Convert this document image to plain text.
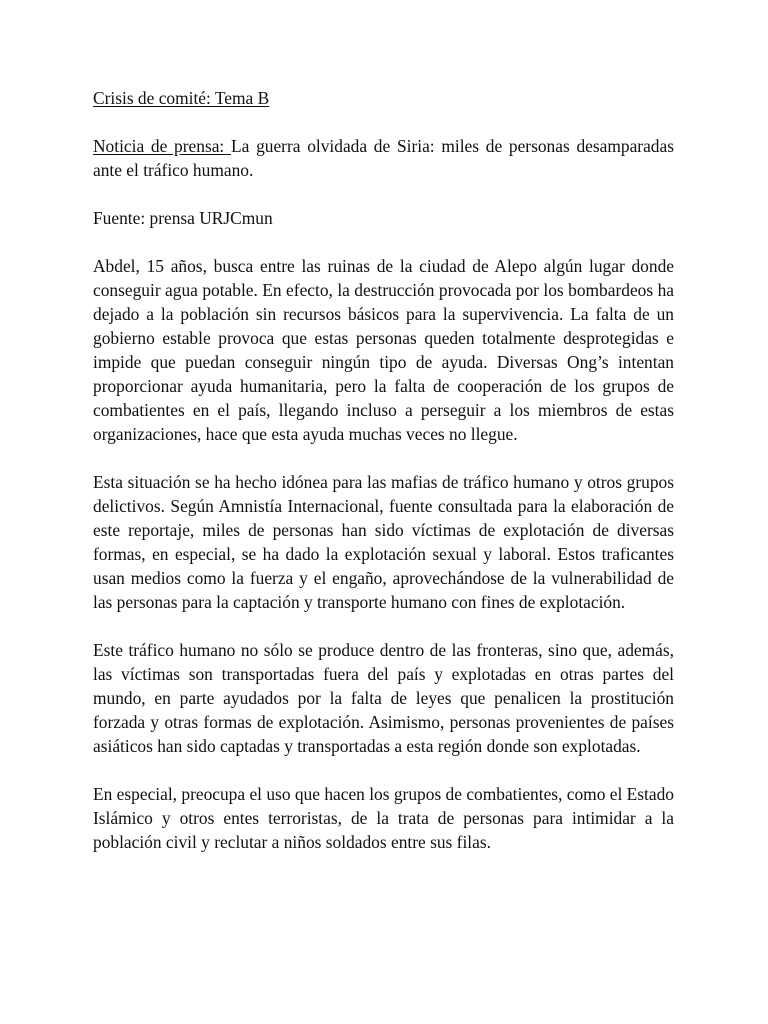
Crisis de comité: Tema B

Noticia de prensa: La guerra olvidada de Siria: miles de personas desamparadas ante el tráfico humano.

Fuente: prensa URJCmun

Abdel, 15 años, busca entre las ruinas de la ciudad de Alepo algún lugar donde conseguir agua potable. En efecto, la destrucción provocada por los bombardeos ha dejado a la población sin recursos básicos para la supervivencia. La falta de un gobierno estable provoca que estas personas queden totalmente desprotegidas e impide que puedan conseguir ningún tipo de ayuda. Diversas Ong’s intentan proporcionar ayuda humanitaria, pero la falta de cooperación de los grupos de combatientes en el país, llegando incluso a perseguir a los miembros de estas organizaciones, hace que esta ayuda muchas veces no llegue.

Esta situación se ha hecho idónea para las mafias de tráfico humano y otros grupos delictivos. Según Amnistía Internacional, fuente consultada para la elaboración de este reportaje, miles de personas han sido víctimas de explotación de diversas formas, en especial, se ha dado la explotación sexual y laboral. Estos traficantes usan medios como la fuerza y el engaño, aprovechándose de la vulnerabilidad de las personas para la captación y transporte humano con fines de explotación.

Este tráfico humano no sólo se produce dentro de las fronteras, sino que, además, las víctimas son transportadas fuera del país y explotadas en otras partes del mundo, en parte ayudados por la falta de leyes que penalicen la prostitución forzada y otras formas de explotación. Asimismo, personas provenientes de países asiáticos han sido captadas y transportadas a esta región donde son explotadas.

En especial, preocupa el uso que hacen los grupos de combatientes, como el Estado Islámico y otros entes terroristas, de la trata de personas para intimidar a la población civil y reclutar a niños soldados entre sus filas.
